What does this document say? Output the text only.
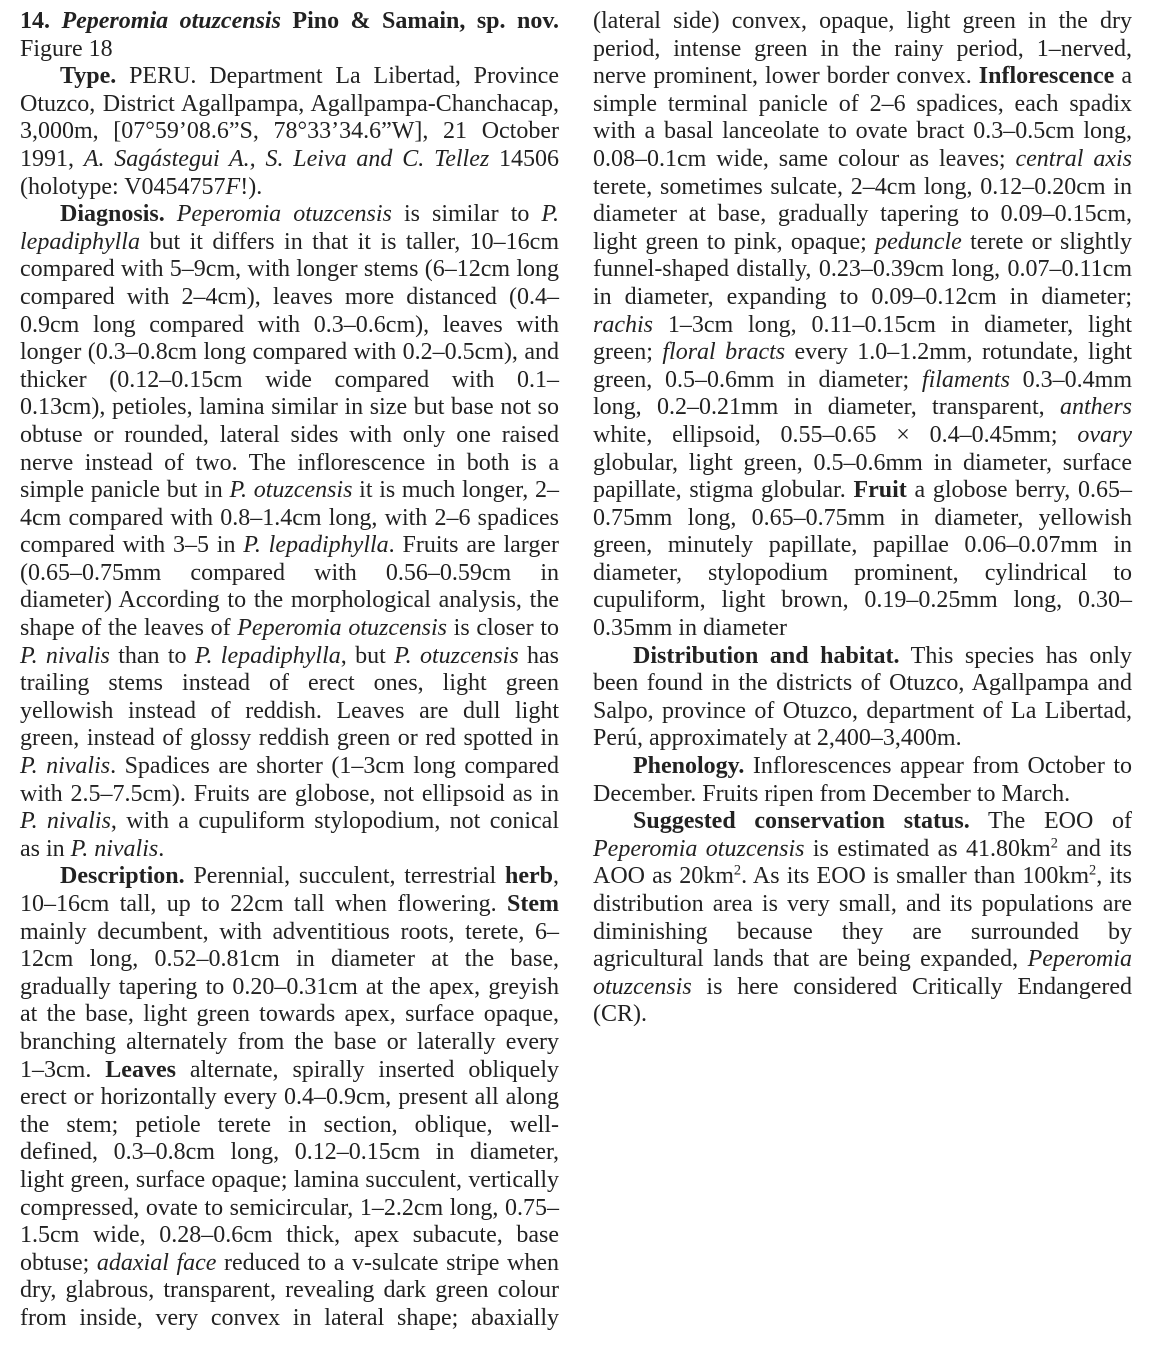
14. Peperomia otuzcensis Pino & Samain, sp. nov. Figure 18

Type. PERU. Department La Libertad, Province Otuzco, District Agallpampa, Agallpampa-Chanchacap, 3,000m, [07°59’08.6”S, 78°33’34.6”W], 21 October 1991, A. Sagástegui A., S. Leiva and C. Tellez 14506 (holotype: V0454757F!).

Diagnosis. Peperomia otuzcensis is similar to P. lepadiphylla but it differs in that it is taller, 10–16cm compared with 5–9cm, with longer stems (6–12cm long compared with 2–4cm), leaves more distanced (0.4–0.9cm long compared with 0.3–0.6cm), leaves with longer (0.3–0.8cm long compared with 0.2–0.5cm), and thicker (0.12–0.15cm wide compared with 0.1–0.13cm), petioles, lamina similar in size but base not so obtuse or rounded, lateral sides with only one raised nerve instead of two. The inflorescence in both is a simple panicle but in P. otuzcensis it is much longer, 2–4cm compared with 0.8–1.4cm long, with 2–6 spadices compared with 3–5 in P. lepadiphylla. Fruits are larger (0.65–0.75mm compared with 0.56–0.59cm in diameter) According to the morphological analysis, the shape of the leaves of Peperomia otuzcensis is closer to P. nivalis than to P. lepadiphylla, but P. otuzcensis has trailing stems instead of erect ones, light green yellowish instead of reddish. Leaves are dull light green, instead of glossy reddish green or red spotted in P. nivalis. Spadices are shorter (1–3cm long compared with 2.5–7.5cm). Fruits are globose, not ellipsoid as in P. nivalis, with a cupuliform stylopodium, not conical as in P. nivalis.

Description. Perennial, succulent, terrestrial herb, 10–16cm tall, up to 22cm tall when flowering. Stem mainly decumbent, with adventitious roots, terete, 6–12cm long, 0.52–0.81cm in diameter at the base, gradually tapering to 0.20–0.31cm at the apex, greyish at the base, light green towards apex, surface opaque, branching alternately from the base or laterally every 1–3cm. Leaves alternate, spirally inserted obliquely erect or horizontally every 0.4–0.9cm, present all along the stem; petiole terete in section, oblique, well-defined, 0.3–0.8cm long, 0.12–0.15cm in diameter, light green, surface opaque; lamina succulent, vertically compressed, ovate to semicircular, 1–2.2cm long, 0.75–1.5cm wide, 0.28–0.6cm thick, apex subacute, base obtuse; adaxial face reduced to a v-sulcate stripe when dry, glabrous, transparent, revealing dark green colour from inside, very convex in lateral shape; abaxially (lateral side) convex, opaque, light green in the dry period, intense green in the rainy period, 1–nerved, nerve prominent, lower border convex. Inflorescence a simple terminal panicle of 2–6 spadices, each spadix with a basal lanceolate to ovate bract 0.3–0.5cm long, 0.08–0.1cm wide, same colour as leaves; central axis terete, sometimes sulcate, 2–4cm long, 0.12–0.20cm in diameter at base, gradually tapering to 0.09–0.15cm, light green to pink, opaque; peduncle terete or slightly funnel-shaped distally, 0.23–0.39cm long, 0.07–0.11cm in diameter, expanding to 0.09–0.12cm in diameter; rachis 1–3cm long, 0.11–0.15cm in diameter, light green; floral bracts every 1.0–1.2mm, rotundate, light green, 0.5–0.6mm in diameter; filaments 0.3–0.4mm long, 0.2–0.21mm in diameter, transparent, anthers white, ellipsoid, 0.55–0.65 × 0.4–0.45mm; ovary globular, light green, 0.5–0.6mm in diameter, surface papillate, stigma globular. Fruit a globose berry, 0.65–0.75mm long, 0.65–0.75mm in diameter, yellowish green, minutely papillate, papillae 0.06–0.07mm in diameter, stylopodium prominent, cylindrical to cupuliform, light brown, 0.19–0.25mm long, 0.30–0.35mm in diameter

Distribution and habitat. This species has only been found in the districts of Otuzco, Agallpampa and Salpo, province of Otuzco, department of La Libertad, Perú, approximately at 2,400–3,400m.

Phenology. Inflorescences appear from October to December. Fruits ripen from December to March.

Suggested conservation status. The EOO of Peperomia otuzcensis is estimated as $41.80km^2$ and its AOO as $20km^2$. As its EOO is smaller than $100km^2$, its distribution area is very small, and its populations are diminishing because they are surrounded by agricultural lands that are being expanded, Peperomia otuzcensis is here considered Critically Endangered (CR).
